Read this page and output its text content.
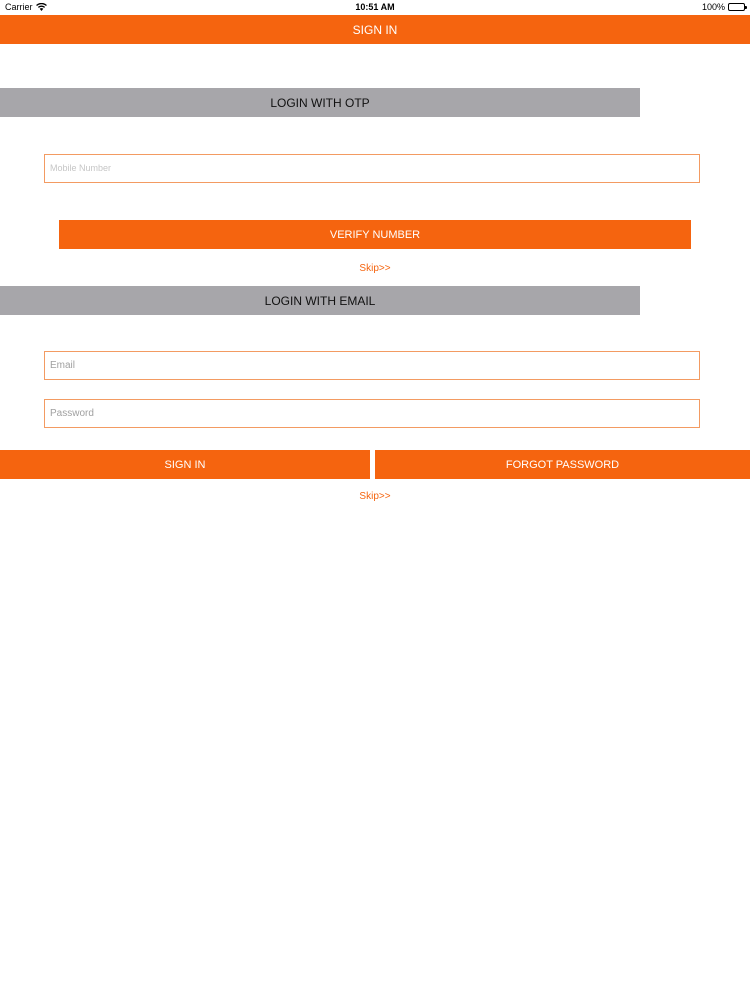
Carrier	10:51 AM	100%
SIGN IN
LOGIN WITH OTP
Mobile Number
VERIFY NUMBER
Skip>>
LOGIN WITH EMAIL
Email
SIGN IN	FORGOT PASSWORD
Skip>>
